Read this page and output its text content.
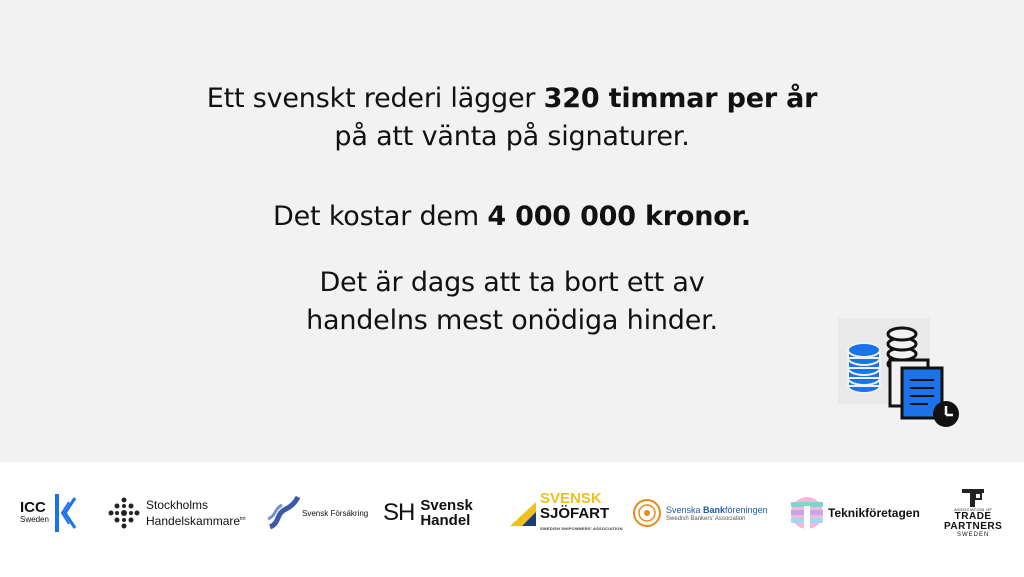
Ett svenskt rederi lägger 320 timmar per år
på att vänta på signaturer.
Det kostar dem 4 000 000 kronor.
Det är dags att ta bort ett av
handelns mest onödiga hinder.
ICC
Sweden
Stockholms
Handelskammare$^{tm}$
Svensk Försäkring SH Svensk
Handel
SVENSK
SJÖFART
SWEDISH SHIPOWNERS' ASSOCIATION
Svenska Bankföreningen
Swedish Bankers' Association	Teknikföretagen	ASSOCIATION OF
TRADE
PARTNERS
SWEDEN
